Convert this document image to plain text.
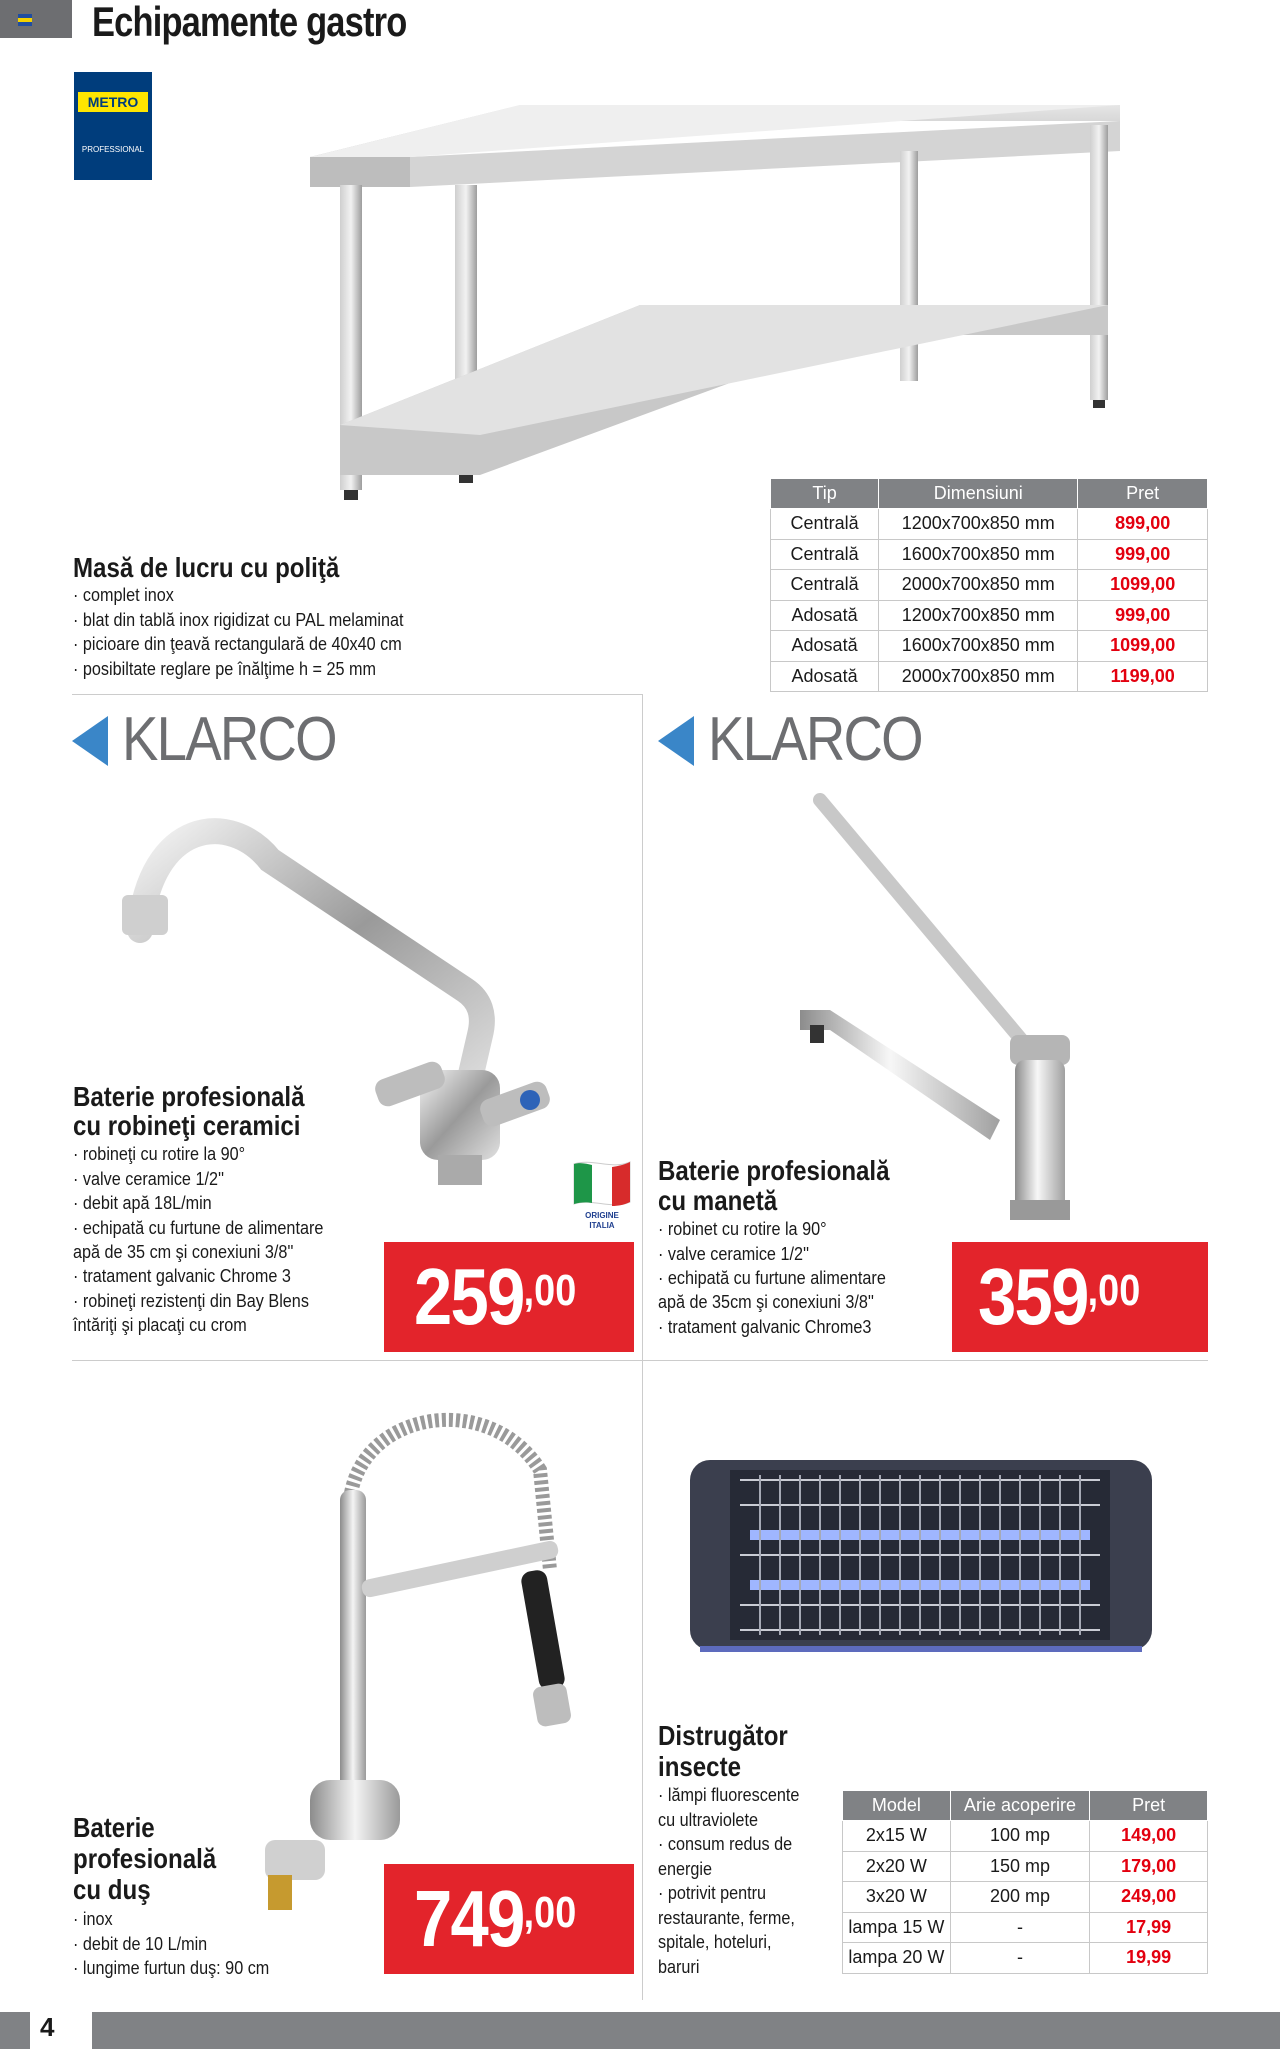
Echipamente gastro
METRO
PROFESSIONAL
Masă de lucru cu poliţă
· complet inox
· blat din tablă inox rigidizat cu PAL melaminat
· picioare din ţeavă rectangulară de 40x40 cm
· posibiltate reglare pe înălţime h = 25 mm
Tip	Dimensiuni	Pret
Centrală	1200x700x850 mm	899,00
Centrală	1600x700x850 mm	999,00
Centrală	2000x700x850 mm	1099,00
Adosată	1200x700x850 mm	999,00
Adosată	1600x700x850 mm	1099,00
Adosată	2000x700x850 mm	1199,00
KLARCO	KLARCO
Baterie profesională
cu robineţi ceramici
· robineţi cu rotire la 90°
· valve ceramice 1/2''
· debit apă 18L/min
· echipată cu furtune de alimentare
apă de 35 cm şi conexiuni 3/8''
· tratament galvanic Chrome 3
· robineţi rezistenţi din Bay Blens
întăriţi şi placaţi cu crom
ORIGINE
ITALIA
$259^{,00}$
Baterie profesională
cu manetă
· robinet cu rotire la 90°
· valve ceramice 1/2''
· echipată cu furtune alimentare
apă de 35cm şi conexiuni 3/8''
· tratament galvanic Chrome3 $359^{,00}$
Baterie
profesională
cu duş
· inox
· debit de 10 L/min
· lungime furtun duş: 90 cm
$749^{,00}$
Distrugător
insecte
· lămpi fluorescente
cu ultraviolete
· consum redus de
energie
· potrivit pentru
restaurante, ferme,
spitale, hoteluri,
baruri
Model	Arie acoperire	Pret
2x15 W	100 mp	149,00
2x20 W	150 mp	179,00
3x20 W	200 mp	249,00
lampa 15 W	-	17,99
lampa 20 W	-	19,99
4
